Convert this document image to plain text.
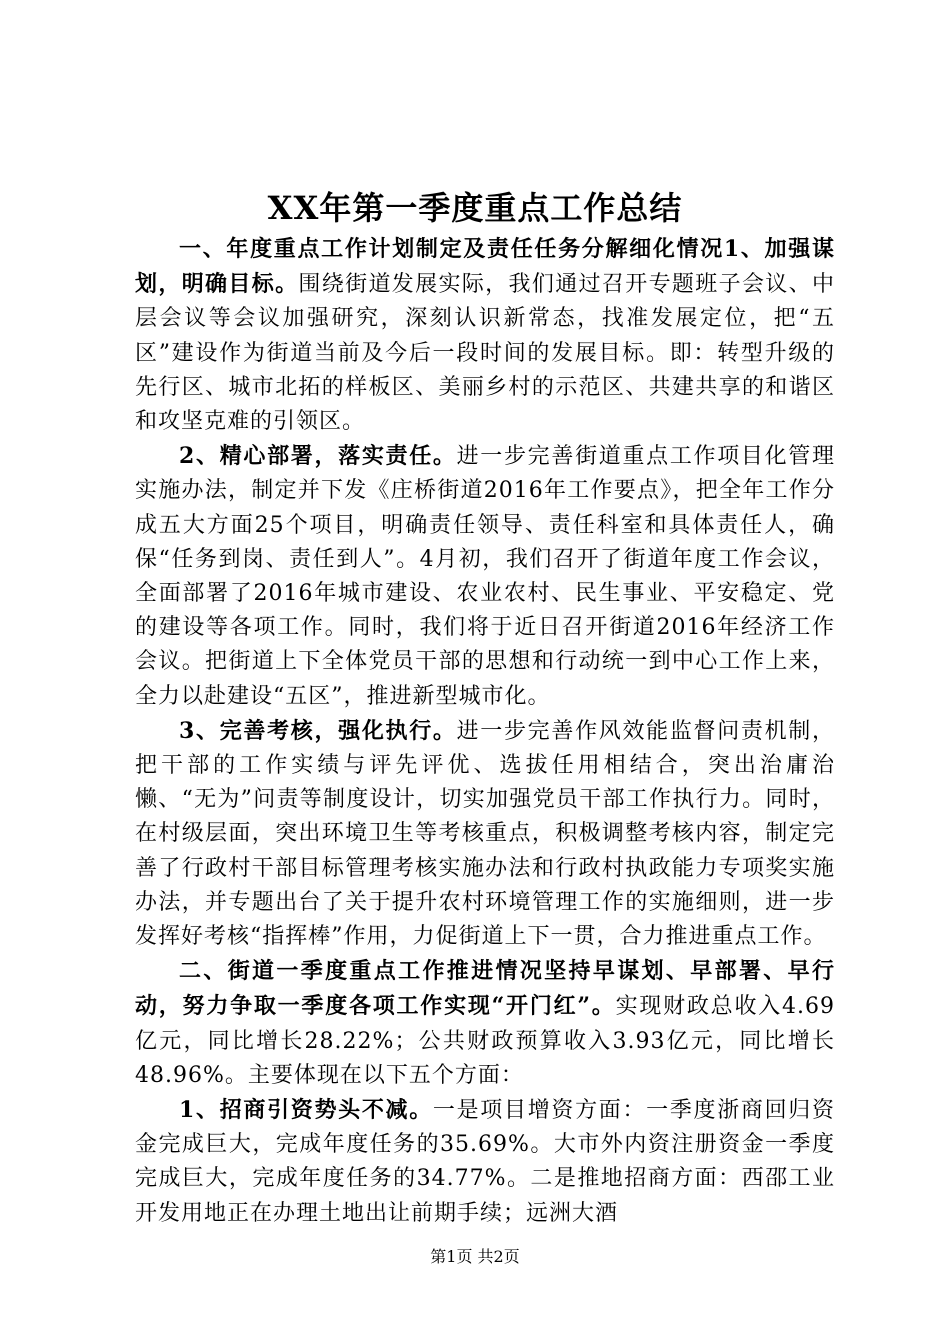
XX年第一季度重点工作总结

一、年度重点工作计划制定及责任任务分解细化情况1、加强谋划，明确目标。围绕街道发展实际，我们通过召开专题班子会议、中层会议等会议加强研究，深刻认识新常态，找准发展定位，把“五区”建设作为街道当前及今后一段时间的发展目标。即：转型升级的先行区、城市北拓的样板区、美丽乡村的示范区、共建共享的和谐区和攻坚克难的引领区。

2、精心部署，落实责任。进一步完善街道重点工作项目化管理实施办法，制定并下发《庄桥街道2016年工作要点》，把全年工作分成五大方面25个项目，明确责任领导、责任科室和具体责任人，确保“任务到岗、责任到人”。4月初，我们召开了街道年度工作会议，全面部署了2016年城市建设、农业农村、民生事业、平安稳定、党的建设等各项工作。同时，我们将于近日召开街道2016年经济工作会议。把街道上下全体党员干部的思想和行动统一到中心工作上来，全力以赴建设“五区”，推进新型城市化。

3、完善考核，强化执行。进一步完善作风效能监督问责机制，把干部的工作实绩与评先评优、选拔任用相结合，突出治庸治懒、“无为”问责等制度设计，切实加强党员干部工作执行力。同时，在村级层面，突出环境卫生等考核重点，积极调整考核内容，制定完善了行政村干部目标管理考核实施办法和行政村执政能力专项奖实施办法，并专题出台了关于提升农村环境管理工作的实施细则，进一步发挥好考核“指挥棒”作用，力促街道上下一贯，合力推进重点工作。

二、街道一季度重点工作推进情况坚持早谋划、早部署、早行动，努力争取一季度各项工作实现“开门红”。实现财政总收入4.69亿元，同比增长28.22%；公共财政预算收入3.93亿元，同比增长48.96%。主要体现在以下五个方面：

1、招商引资势头不减。一是项目增资方面：一季度浙商回归资金完成巨大，完成年度任务的35.69%。大市外内资注册资金一季度完成巨大，完成年度任务的34.77%。二是推地招商方面：西邵工业开发用地正在办理土地出让前期手续；远洲大酒

第1页 共2页
